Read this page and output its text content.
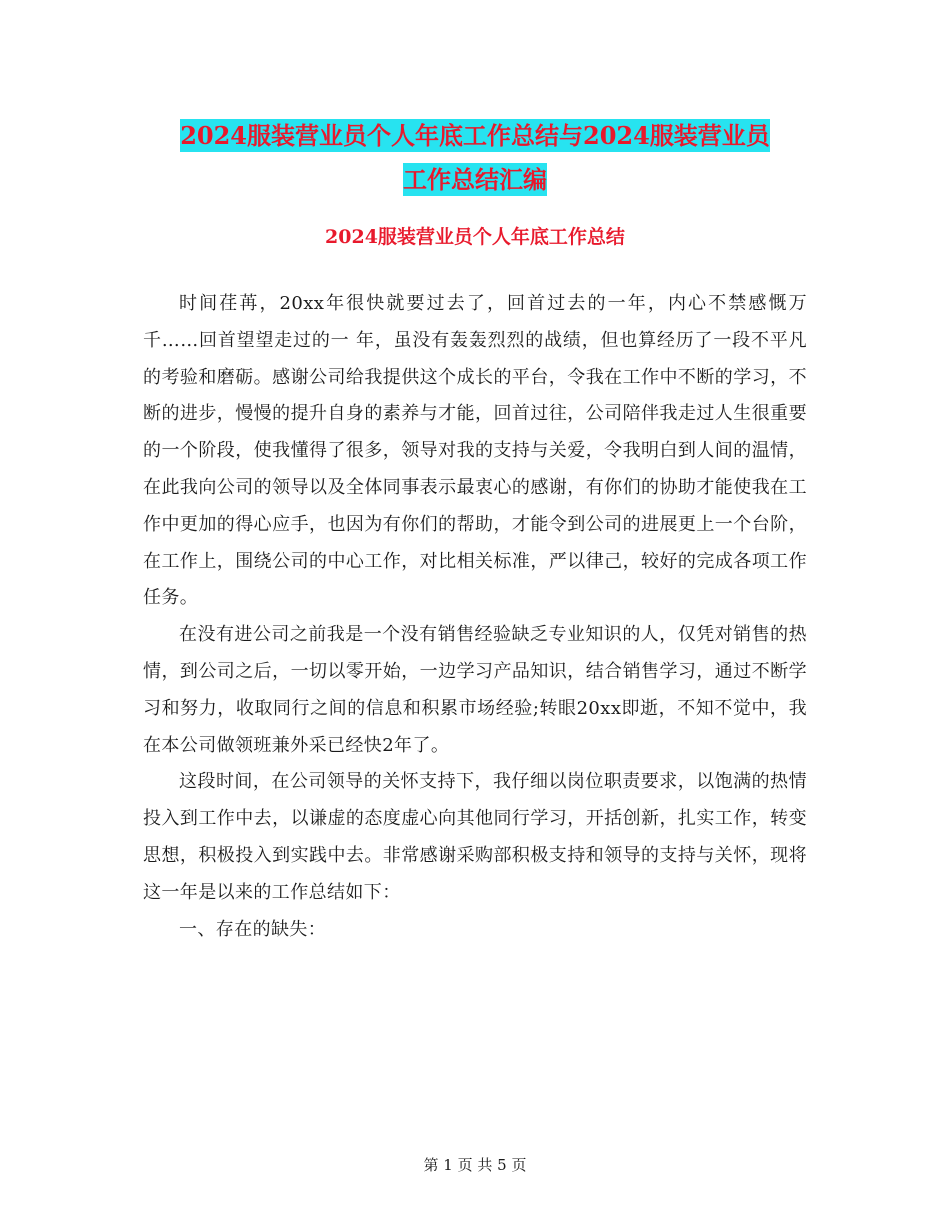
2024服装营业员个人年底工作总结与2024服装营业员
工作总结汇编
2024服装营业员个人年底工作总结

时间荏苒，20xx年很快就要过去了，回首过去的一年，内心不禁感慨万千……回首望望走过的一 年，虽没有轰轰烈烈的战绩，但也算经历了一段不平凡的考验和磨砺。感谢公司给我提供这个成长的平台，令我在工作中不断的学习，不断的进步，慢慢的提升自身的素养与才能，回首过往，公司陪伴我走过人生很重要的一个阶段，使我懂得了很多，领导对我的支持与关爱，令我明白到人间的温情，在此我向公司的领导以及全体同事表示最衷心的感谢，有你们的协助才能使我在工作中更加的得心应手，也因为有你们的帮助，才能令到公司的进展更上一个台阶，在工作上，围绕公司的中心工作，对比相关标准，严以律己，较好的完成各项工作任务。

在没有进公司之前我是一个没有销售经验缺乏专业知识的人，仅凭对销售的热情，到公司之后，一切以零开始，一边学习产品知识，结合销售学习，通过不断学习和努力，收取同行之间的信息和积累市场经验;转眼20xx即逝，不知不觉中，我在本公司做领班兼外采已经快2年了。

这段时间，在公司领导的关怀支持下，我仔细以岗位职责要求，以饱满的热情投入到工作中去，以谦虚的态度虚心向其他同行学习，开括创新，扎实工作，转变思想，积极投入到实践中去。非常感谢采购部积极支持和领导的支持与关怀，现将这一年是以来的工作总结如下：

一、存在的缺失：

第 1 页 共 5 页
